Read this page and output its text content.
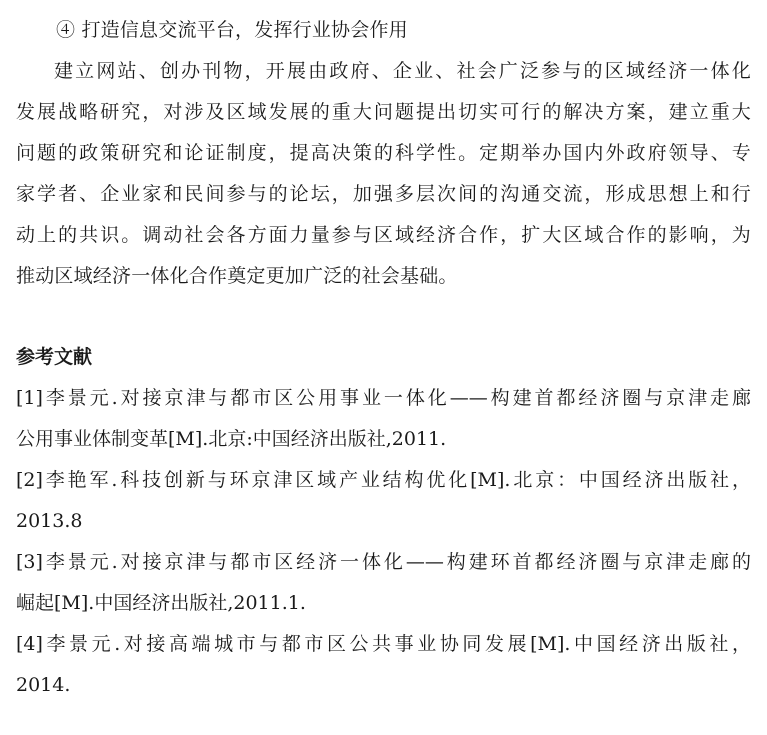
④ 打造信息交流平台，发挥行业协会作用
建立网站、创办刊物，开展由政府、企业、社会广泛参与的区域经济一体化
发展战略研究，对涉及区域发展的重大问题提出切实可行的解决方案，建立重大
问题的政策研究和论证制度，提高决策的科学性。定期举办国内外政府领导、专
家学者、企业家和民间参与的论坛，加强多层次间的沟通交流，形成思想上和行
动上的共识。调动社会各方面力量参与区域经济合作，扩大区域合作的影响，为
推动区域经济一体化合作奠定更加广泛的社会基础。
参考文献
[1]李景元.对接京津与都市区公用事业一体化——构建首都经济圈与京津走廊
公用事业体制变革[M].北京:中国经济出版社,2011.
[2]李艳军.科技创新与环京津区域产业结构优化[M].北京：中国经济出版社，
2013.8
[3]李景元.对接京津与都市区经济一体化——构建环首都经济圈与京津走廊的
崛起[M].中国经济出版社,2011.1.
[4]李景元.对接高端城市与都市区公共事业协同发展[M].中国经济出版社，
2014.
